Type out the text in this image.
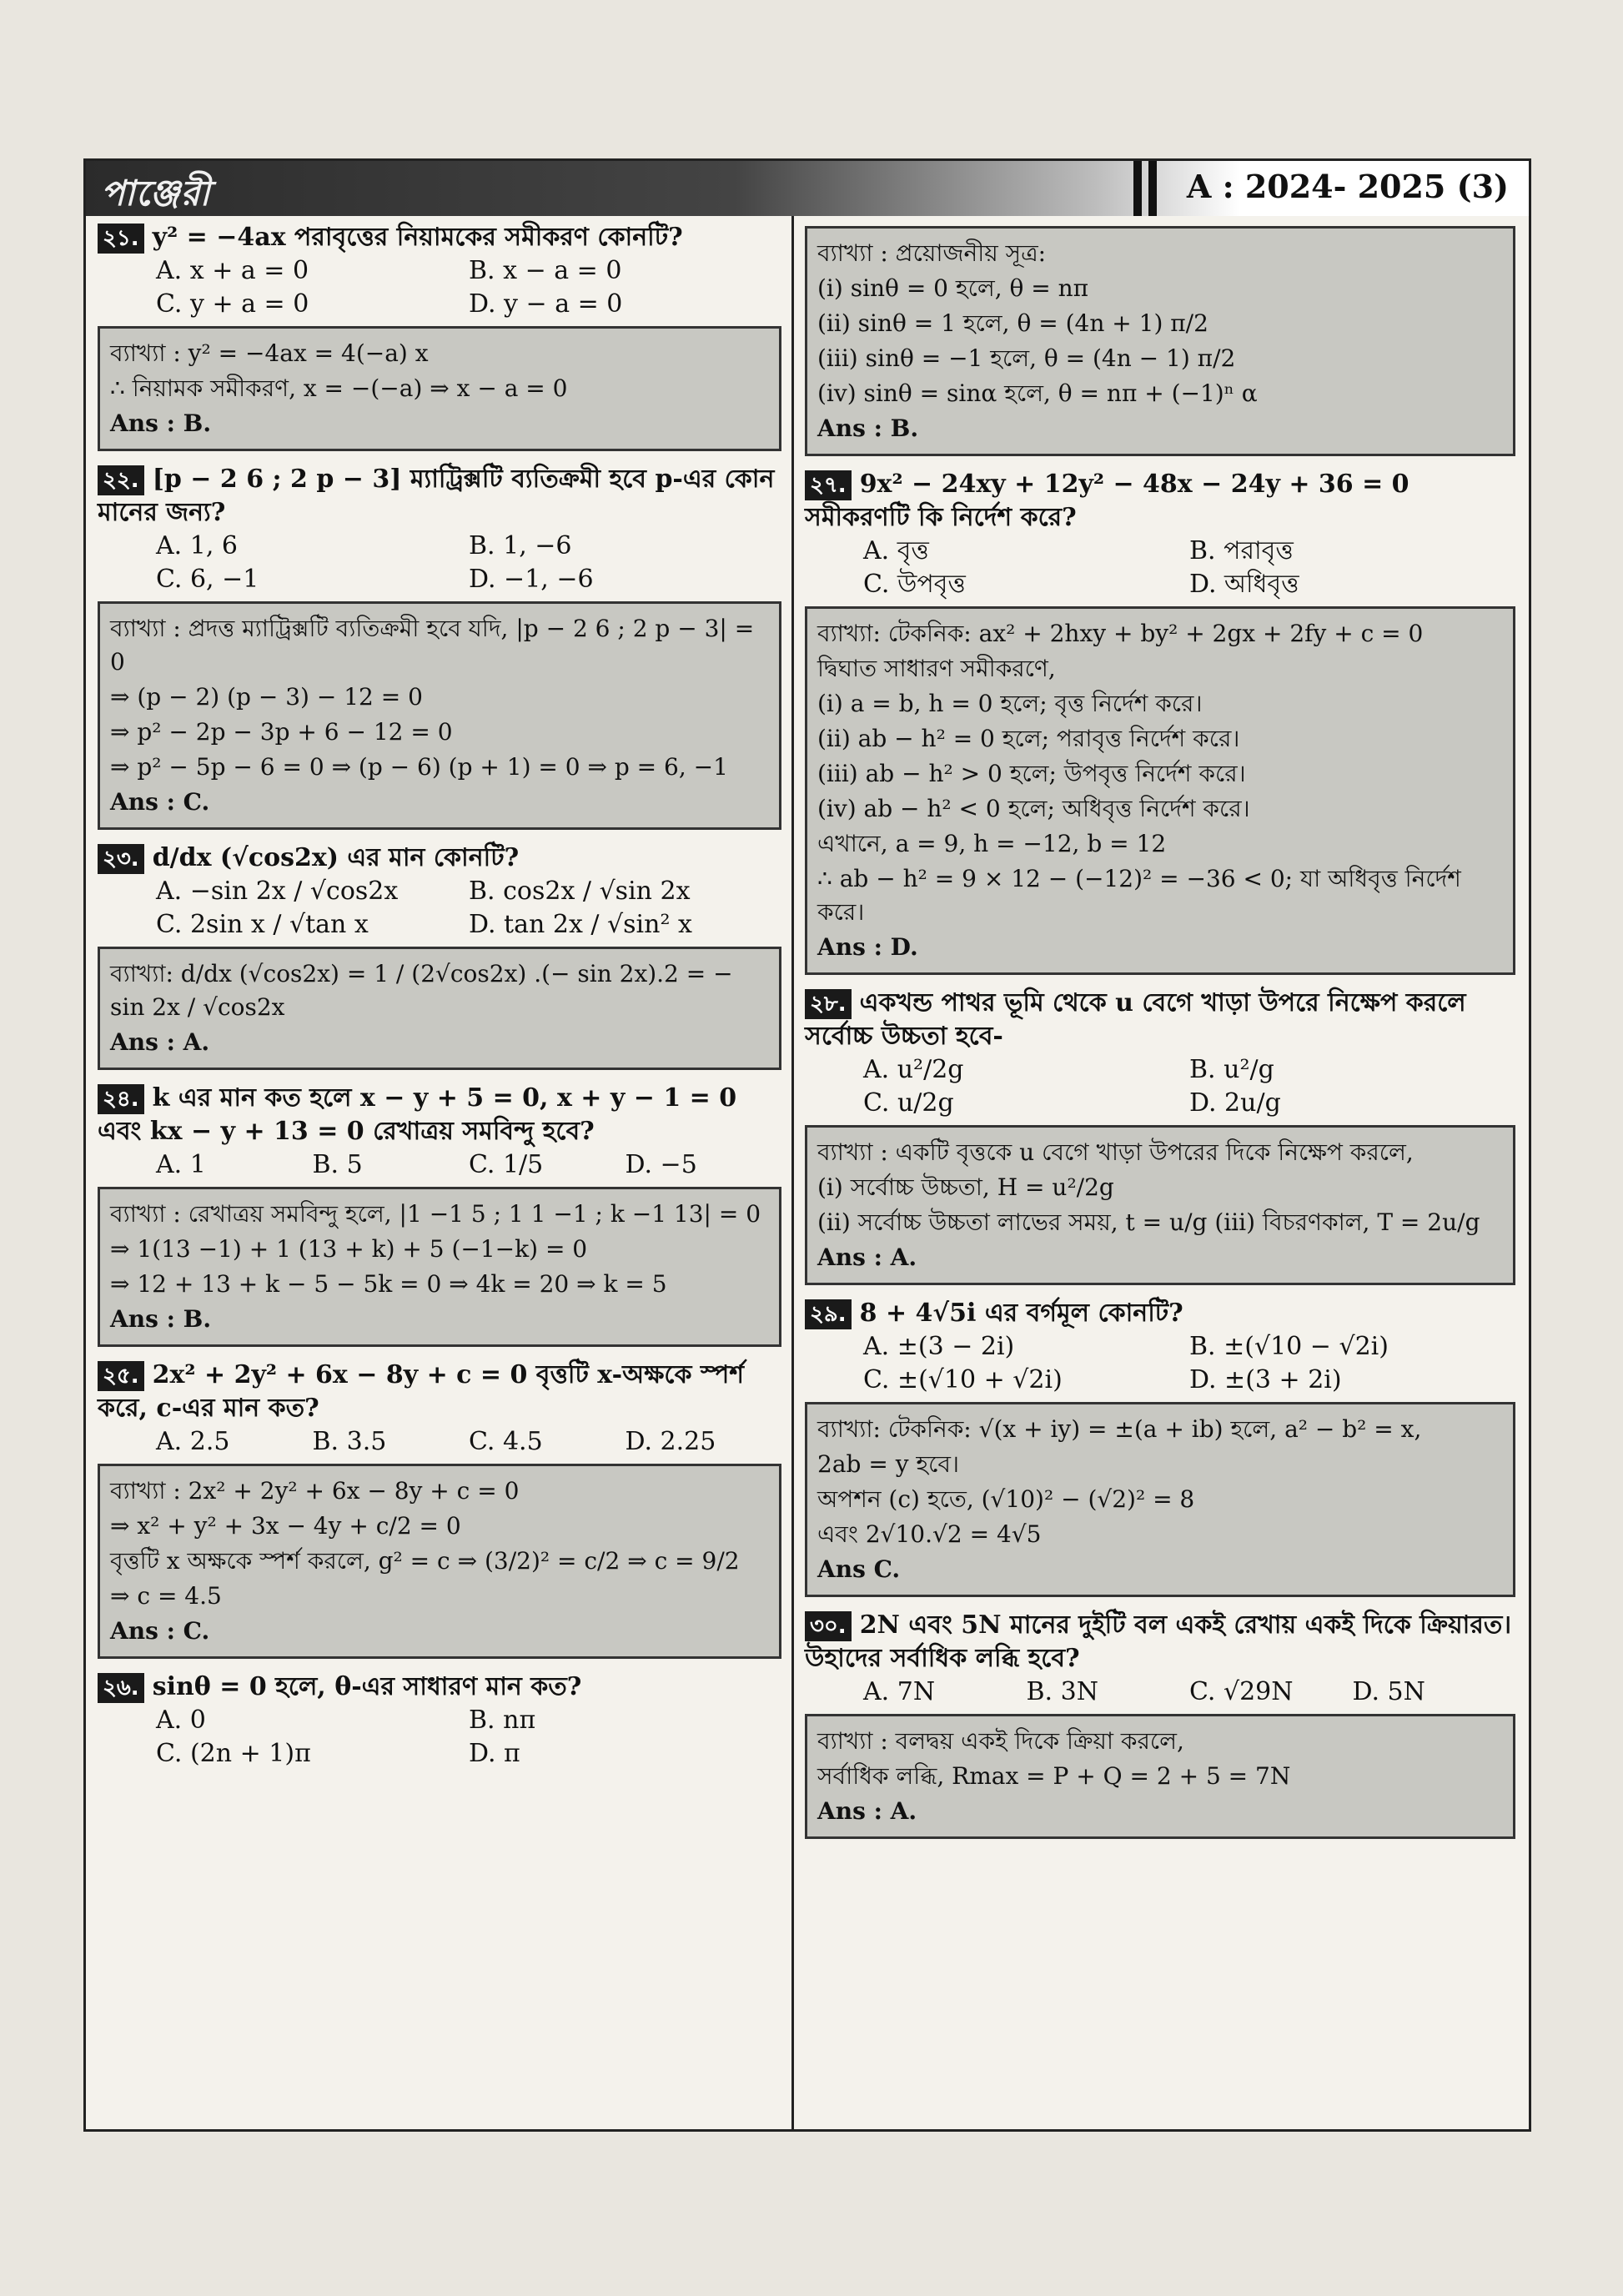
পাঞ্জেরী	A : 2024- 2025 (3)
২১. y² = −4ax পরাবৃত্তের নিয়ামকের সমীকরণ কোনটি?
A. x + a = 0	B. x − a = 0
C. y + a = 0	D. y − a = 0
ব্যাখ্যা : y² = −4ax = 4(−a) x
∴ নিয়ামক সমীকরণ, x = −(−a) ⇒ x − a = 0
Ans : B.
২২. [p − 2 6 ; 2 p − 3] ম্যাট্রিক্সটি ব্যতিক্রমী হবে p-এর কোন মানের জন্য?
A. 1, 6	B. 1, −6
C. 6, −1	D. −1, −6
ব্যাখ্যা : প্রদত্ত ম্যাট্রিক্সটি ব্যতিক্রমী হবে যদি, |p − 2 6 ; 2 p − 3| = 0
⇒ (p − 2) (p − 3) − 12 = 0
⇒ p² − 2p − 3p + 6 − 12 = 0
⇒ p² − 5p − 6 = 0 ⇒ (p − 6) (p + 1) = 0 ⇒ p = 6, −1
Ans : C.
২৩. d/dx (√cos2x) এর মান কোনটি?
A. −sin 2x / √cos2x	B. cos2x / √sin 2x
C. 2sin x / √tan x	D. tan 2x / √sin² x
ব্যাখ্যা: d/dx (√cos2x) = 1 / (2√cos2x) .(− sin 2x).2 = − sin 2x / √cos2x
Ans : A.
২৪. k এর মান কত হলে x − y + 5 = 0, x + y − 1 = 0 এবং kx − y + 13 = 0 রেখাত্রয় সমবিন্দু হবে?
A. 1	B. 5	C. 1/5	D. −5
ব্যাখ্যা : রেখাত্রয় সমবিন্দু হলে, |1 −1 5 ; 1 1 −1 ; k −1 13| = 0
⇒ 1(13 −1) + 1 (13 + k) + 5 (−1−k) = 0
⇒ 12 + 13 + k − 5 − 5k = 0 ⇒ 4k = 20 ⇒ k = 5
Ans : B.
২৫. 2x² + 2y² + 6x − 8y + c = 0 বৃত্তটি x-অক্ষকে স্পর্শ করে, c-এর মান কত?
A. 2.5	B. 3.5	C. 4.5	D. 2.25
ব্যাখ্যা : 2x² + 2y² + 6x − 8y + c = 0
⇒ x² + y² + 3x − 4y + c/2 = 0
বৃত্তটি x অক্ষকে স্পর্শ করলে, g² = c ⇒ (3/2)² = c/2 ⇒ c = 9/2
⇒ c = 4.5
Ans : C.
২৬. sinθ = 0 হলে, θ-এর সাধারণ মান কত?
A. 0	B. nπ
C. (2n + 1)π	D. π
ব্যাখ্যা : প্রয়োজনীয় সূত্র:
(i) sinθ = 0 হলে, θ = nπ
(ii) sinθ = 1 হলে, θ = (4n + 1) π/2
(iii) sinθ = −1 হলে, θ = (4n − 1) π/2
(iv) sinθ = sinα হলে, θ = nπ + (−1)ⁿ α
Ans : B.
২৭. 9x² − 24xy + 12y² − 48x − 24y + 36 = 0 সমীকরণটি কি নির্দেশ করে?
A. বৃত্ত	B. পরাবৃত্ত
C. উপবৃত্ত	D. অধিবৃত্ত
ব্যাখ্যা: টেকনিক: ax² + 2hxy + by² + 2gx + 2fy + c = 0
দ্বিঘাত সাধারণ সমীকরণে,
(i) a = b, h = 0 হলে; বৃত্ত নির্দেশ করে।
(ii) ab − h² = 0 হলে; পরাবৃত্ত নির্দেশ করে।
(iii) ab − h² > 0 হলে; উপবৃত্ত নির্দেশ করে।
(iv) ab − h² < 0 হলে; অধিবৃত্ত নির্দেশ করে।
এখানে, a = 9, h = −12, b = 12
∴ ab − h² = 9 × 12 − (−12)² = −36 < 0; যা অধিবৃত্ত নির্দেশ করে।
Ans : D.
২৮. একখন্ড পাথর ভূমি থেকে u বেগে খাড়া উপরে নিক্ষেপ করলে সর্বোচ্চ উচ্চতা হবে-
A. u²/2g	B. u²/g
C. u/2g	D. 2u/g
ব্যাখ্যা : একটি বৃত্তকে u বেগে খাড়া উপরের দিকে নিক্ষেপ করলে,
(i) সর্বোচ্চ উচ্চতা, H = u²/2g
(ii) সর্বোচ্চ উচ্চতা লাভের সময়, t = u/g (iii) বিচরণকাল, T = 2u/g
Ans : A.
২৯. 8 + 4√5i এর বর্গমূল কোনটি?
A. ±(3 − 2i)	B. ±(√10 − √2i)
C. ±(√10 + √2i)	D. ±(3 + 2i)
ব্যাখ্যা: টেকনিক: √(x + iy) = ±(a + ib) হলে, a² − b² = x,
2ab = y হবে।
অপশন (c) হতে, (√10)² − (√2)² = 8
এবং 2√10.√2 = 4√5
Ans C.
৩০. 2N এবং 5N মানের দুইটি বল একই রেখায় একই দিকে ক্রিয়ারত। উহাদের সর্বাধিক লব্ধি হবে?
A. 7N	B. 3N	C. √29N	D. 5N
ব্যাখ্যা : বলদ্বয় একই দিকে ক্রিয়া করলে,
সর্বাধিক লব্ধি, Rmax = P + Q = 2 + 5 = 7N
Ans : A.
